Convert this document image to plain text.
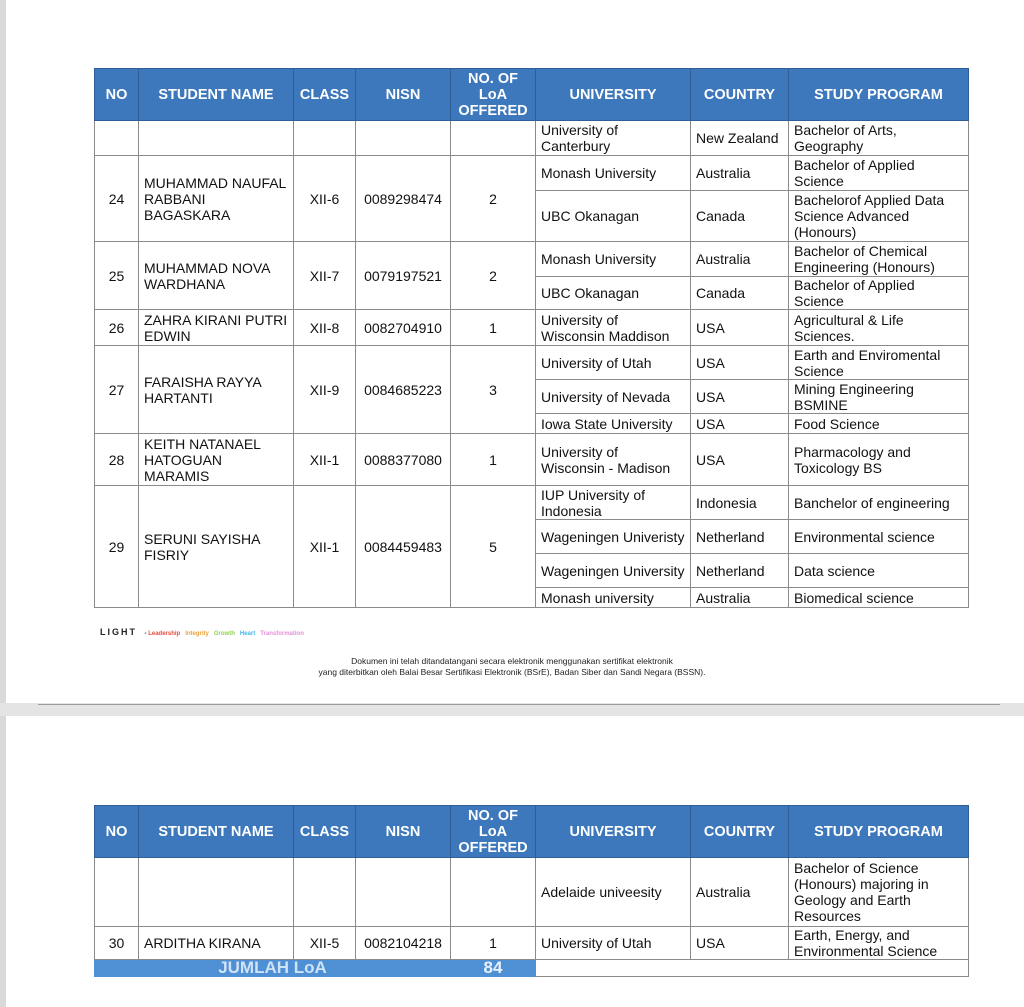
NO	STUDENT NAME	CLASS	NISN	NO. OF LoA OFFERED	UNIVERSITY	COUNTRY	STUDY PROGRAM
					University of Canterbury	New Zealand	Bachelor of Arts, Geography
24	MUHAMMAD NAUFAL RABBANI BAGASKARA	XII-6	0089298474	2	Monash University	Australia	Bachelor of Applied Science
					UBC Okanagan	Canada	Bachelorof Applied Data Science Advanced (Honours)
25	MUHAMMAD NOVA WARDHANA	XII-7	0079197521	2	Monash University	Australia	Bachelor of Chemical Engineering (Honours)
					UBC Okanagan	Canada	Bachelor of Applied Science
26	ZAHRA KIRANI PUTRI EDWIN	XII-8	0082704910	1	University of Wisconsin Maddison	USA	Agricultural & Life Sciences.
27	FARAISHA RAYYA HARTANTI	XII-9	0084685223	3	University of Utah	USA	Earth and Enviromental Science
					University of Nevada	USA	Mining Engineering BSMINE
					Iowa State University	USA	Food Science
28	KEITH NATANAEL HATOGUAN MARAMIS	XII-1	0088377080	1	University of Wisconsin - Madison	USA	Pharmacology and Toxicology BS
29	SERUNI SAYISHA FISRIY	XII-1	0084459483	5	IUP University of Indonesia	Indonesia	Banchelor of engineering
					Wageningen Univeristy	Netherland	Environmental science
					Wageningen University	Netherland	Data science
					Monash university	Australia	Biomedical science
LIGHT - Leadership Integrity Growth Heart Transformation
Dokumen ini telah ditandatangani secara elektronik menggunakan sertifikat elektronik
yang diterbitkan oleh Balai Besar Sertifikasi Elektronik (BSrE), Badan Siber dan Sandi Negara (BSSN).
NO	STUDENT NAME	CLASS	NISN	NO. OF LoA OFFERED	UNIVERSITY	COUNTRY	STUDY PROGRAM
					Adelaide univeesity	Australia	Bachelor of Science (Honours) majoring in Geology and Earth Resources
30	ARDITHA KIRANA	XII-5	0082104218	1	University of Utah	USA	Earth, Energy, and Environmental Science
JUMLAH LoA				84			
